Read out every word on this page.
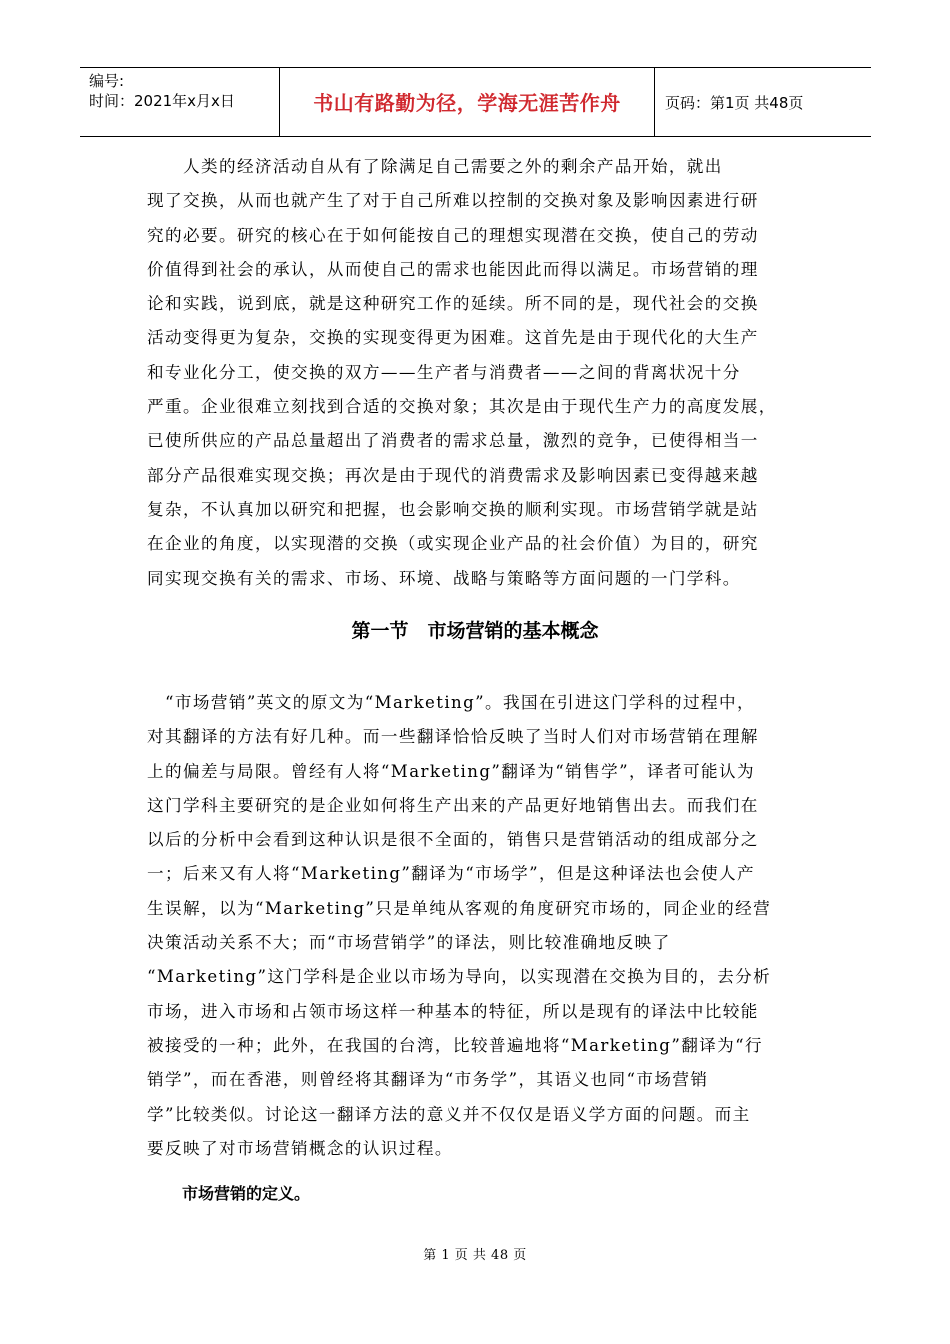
编号:
时间：2021年x月x日	书山有路勤为径，学海无涯苦作舟	页码：第1页 共48页
　　人类的经济活动自从有了除满足自己需要之外的剩余产品开始，就出
现了交换，从而也就产生了对于自己所难以控制的交换对象及影响因素进行研
究的必要。研究的核心在于如何能按自己的理想实现潜在交换，使自己的劳动
价值得到社会的承认，从而使自己的需求也能因此而得以满足。市场营销的理
论和实践，说到底，就是这种研究工作的延续。所不同的是，现代社会的交换
活动变得更为复杂，交换的实现变得更为困难。这首先是由于现代化的大生产
和专业化分工，使交换的双方——生产者与消费者——之间的背离状况十分
严重。企业很难立刻找到合适的交换对象；其次是由于现代生产力的高度发展，
已使所供应的产品总量超出了消费者的需求总量，激烈的竞争，已使得相当一
部分产品很难实现交换；再次是由于现代的消费需求及影响因素已变得越来越
复杂，不认真加以研究和把握，也会影响交换的顺利实现。市场营销学就是站
在企业的角度，以实现潜的交换（或实现企业产品的社会价值）为目的，研究
同实现交换有关的需求、市场、环境、战略与策略等方面问题的一门学科。
第一节　市场营销的基本概念
　“市场营销”英文的原文为“Marketing”。我国在引进这门学科的过程中，
对其翻译的方法有好几种。而一些翻译恰恰反映了当时人们对市场营销在理解
上的偏差与局限。曾经有人将“Marketing”翻译为“销售学”，译者可能认为
这门学科主要研究的是企业如何将生产出来的产品更好地销售出去。而我们在
以后的分析中会看到这种认识是很不全面的，销售只是营销活动的组成部分之
一；后来又有人将“Marketing”翻译为“市场学”，但是这种译法也会使人产
生误解，以为“Marketing”只是单纯从客观的角度研究市场的，同企业的经营
决策活动关系不大；而“市场营销学”的译法，则比较准确地反映了
“Marketing”这门学科是企业以市场为导向，以实现潜在交换为目的，去分析
市场，进入市场和占领市场这样一种基本的特征，所以是现有的译法中比较能
被接受的一种；此外，在我国的台湾，比较普遍地将“Marketing”翻译为“行
销学”，而在香港，则曾经将其翻译为“市务学”，其语义也同“市场营销
学”比较类似。讨论这一翻译方法的意义并不仅仅是语义学方面的问题。而主
要反映了对市场营销概念的认识过程。
市场营销的定义。
第 1 页 共 48 页
